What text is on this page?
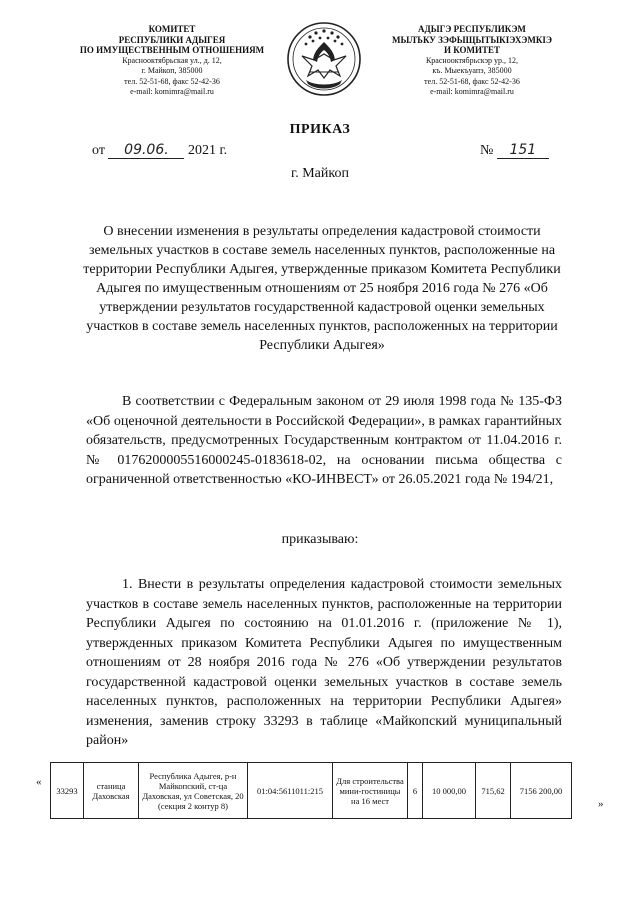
КОМИТЕТ
РЕСПУБЛИКИ АДЫГЕЯ
ПО ИМУЩЕСТВЕННЫМ ОТНОШЕНИЯМ
Краснооктябрьская ул., д. 12,
г. Майкоп, 385000
тел. 52-51-68, факс 52-42-36
e-mail: komimra@mail.ru
АДЫГЭ РЕСПУБЛИКЭМ
МЫЛЪКУ ЗЭФЫЩЫТЫКІЭХЭМКІЭ
И КОМИТЕТ
Краснооктябрьскэр ур., 12,
къ. Мыекъуапэ, 385000
тел. 52-51-68, факс 52-42-36
e-mail: komimra@mail.ru
ПРИКАЗ
от 09.06. 2021 г.	№ 151
г. Майкоп
О внесении изменения в результаты определения кадастровой стоимости земельных участков в составе земель населенных пунктов, расположенные на территории Республики Адыгея, утвержденные приказом Комитета Республики Адыгея по имущественным отношениям от 25 ноября 2016 года № 276 «Об утверждении результатов государственной кадастровой оценки земельных участков в составе земель населенных пунктов, расположенных на территории Республики Адыгея»
В соответствии с Федеральным законом от 29 июля 1998 года № 135-ФЗ «Об оценочной деятельности в Российской Федерации», в рамках гарантийных обязательств, предусмотренных Государственным контрактом от 11.04.2016 г. № 0176200005516000245-0183618-02, на основании письма общества с ограниченной ответственностью «КО-ИНВЕСТ» от 26.05.2021 года № 194/21,
приказываю:
1. Внести в результаты определения кадастровой стоимости земельных участков в составе земель населенных пунктов, расположенные на территории Республики Адыгея по состоянию на 01.01.2016 г. (приложение № 1), утвержденных приказом Комитета Республики Адыгея по имущественным отношениям от 28 ноября 2016 года № 276 «Об утверждении результатов государственной кадастровой оценки земельных участков в составе земель населенных пунктов, расположенных на территории Республики Адыгея» изменения, заменив строку 33293 в таблице «Майкопский муниципальный район»
«
33293	станица Даховская	Республика Адыгея, р-н Майкопский, ст-ца Даховская, ул Советская, 20 (секция 2 контур 8)	01:04:5611011:215	Для строительства мини-гостиницы на 16 мест	6	10 000,00	715,62	7156 200,00
»
